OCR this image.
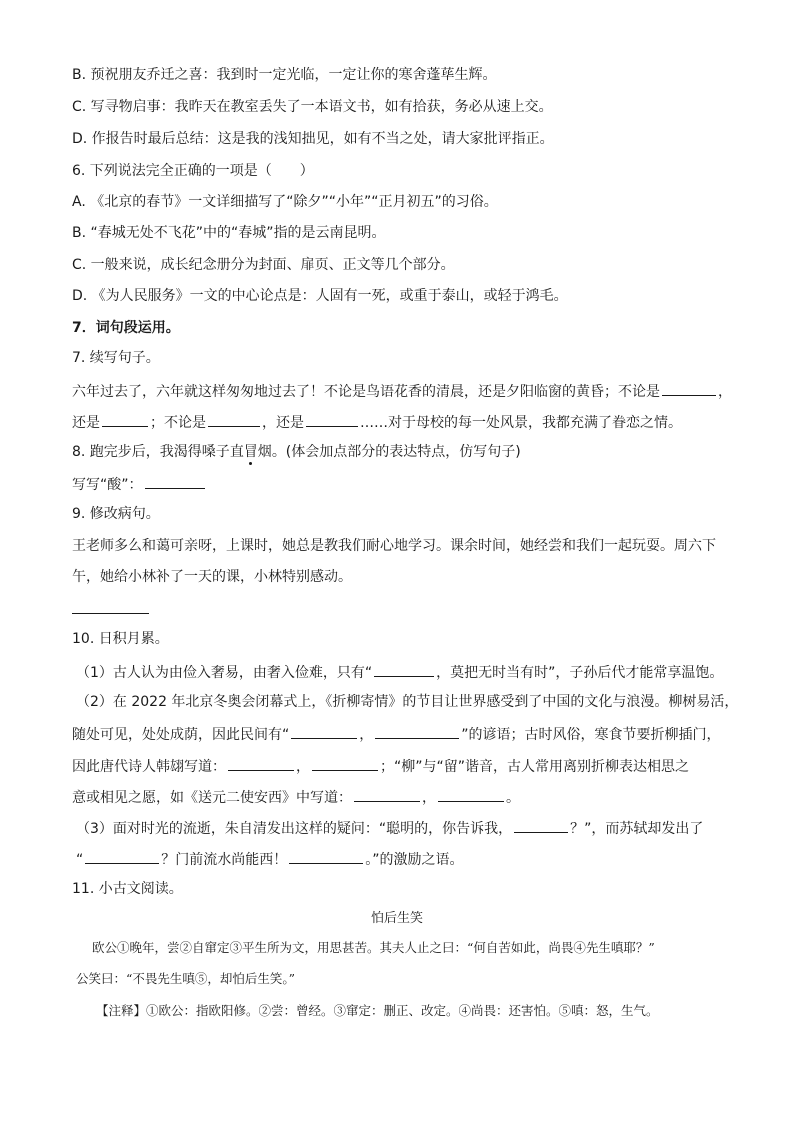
B. 预祝朋友乔迁之喜：我到时一定光临，一定让你的寒舍蓬荜生辉。
C. 写寻物启事：我昨天在教室丢失了一本语文书，如有拾获，务必从速上交。
D. 作报告时最后总结：这是我的浅知拙见，如有不当之处，请大家批评指正。
6. 下列说法完全正确的一项是（　　）
A. 《北京的春节》一文详细描写了“除夕”“小年”“正月初五”的习俗。
B. “春城无处不飞花”中的“春城”指的是云南昆明。
C. 一般来说，成长纪念册分为封面、扉页、正文等几个部分。
D. 《为人民服务》一文的中心论点是：人固有一死，或重于泰山，或轻于鸿毛。
7．词句段运用。
7. 续写句子。
六年过去了，六年就这样匆匆地过去了！不论是鸟语花香的清晨，还是夕阳临窗的黄昏；不论是	，
还是	；不论是	，还是	……对于母校的每一处风景，我都充满了眷恋之情。
8. 跑完步后，我渴得嗓子直冒烟。(体会加点部分的表达特点，仿写句子)
写写“酸”：
9. 修改病句。
王老师多么和蔼可亲呀，上课时，她总是教我们耐心地学习。课余时间，她经尝和我们一起玩耍。周六下
午，她给小林补了一天的课，小林特别感动。
10. 日积月累。
（1）古人认为由俭入奢易，由奢入俭难，只有“	，莫把无时当有时”，子孙后代才能常享温饱。
（2）在 2022 年北京冬奥会闭幕式上，《折柳寄情》的节目让世界感受到了中国的文化与浪漫。柳树易活，
随处可见，处处成荫，因此民间有“	，	”的谚语；古时风俗，寒食节要折柳插门，
因此唐代诗人韩翃写道：	，	；“柳”与“留”谐音，古人常用离别折柳表达相思之
意或相见之愿，如《送元二使安西》中写道：	，	。
（3）面对时光的流逝，朱自清发出这样的疑问：“聪明的，你告诉我，	？”，而苏轼却发出了
“	？门前流水尚能西！	。”的激励之语。
11. 小古文阅读。
怕后生笑
欧公①晚年，尝②自窜定③平生所为文，用思甚苦。其夫人止之曰：“何自苦如此，尚畏④先生嗔耶？”
公笑曰：“不畏先生嗔⑤，却怕后生笑。”
【注释】①欧公：指欧阳修。②尝：曾经。③窜定：删正、改定。④尚畏：还害怕。⑤嗔：怒，生气。
